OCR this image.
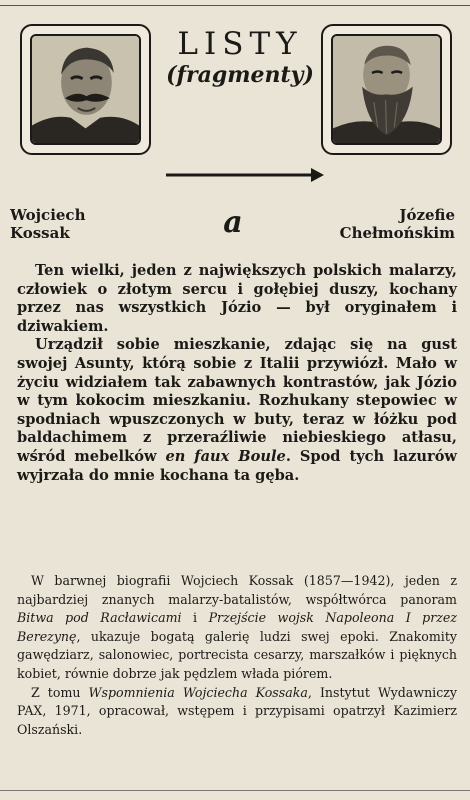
LISTY
(fragmenty)
Wojciech
Kossak	a	Józefie
Chełmońskim

Ten wielki, jeden z największych polskich malarzy, człowiek o złotym sercu i gołębiej duszy, kochany przez nas wszystkich Józio — był oryginałem i dziwakiem.

Urządził sobie mieszkanie, zdając się na gust swojej Asunty, którą sobie z Italii przywiózł. Mało w życiu widziałem tak zabawnych kontrastów, jak Józio w tym kokocim mieszkaniu. Rozhukany stepowiec w spodniach wpuszczonych w buty, teraz w łóżku pod baldachimem z przeraźliwie niebieskiego atłasu, wśród mebelków en faux Boule. Spod tych lazurów wyjrzała do mnie kochana ta gęba.

W barwnej biografii Wojciech Kossak (1857—1942), jeden z najbardziej znanych malarzy-batalistów, współtwórca panoram Bitwa pod Racławicami i Przejście wojsk Napoleona I przez Berezynę, ukazuje bogatą galerię ludzi swej epoki. Znakomity gawędziarz, salonowiec, portrecista cesarzy, marszałków i pięknych kobiet, równie dobrze jak pędzlem włada piórem.

Z tomu Wspomnienia Wojciecha Kossaka, Instytut Wydawniczy PAX, 1971, opracował, wstępem i przypisami opatrzył Kazimierz Olszański.
